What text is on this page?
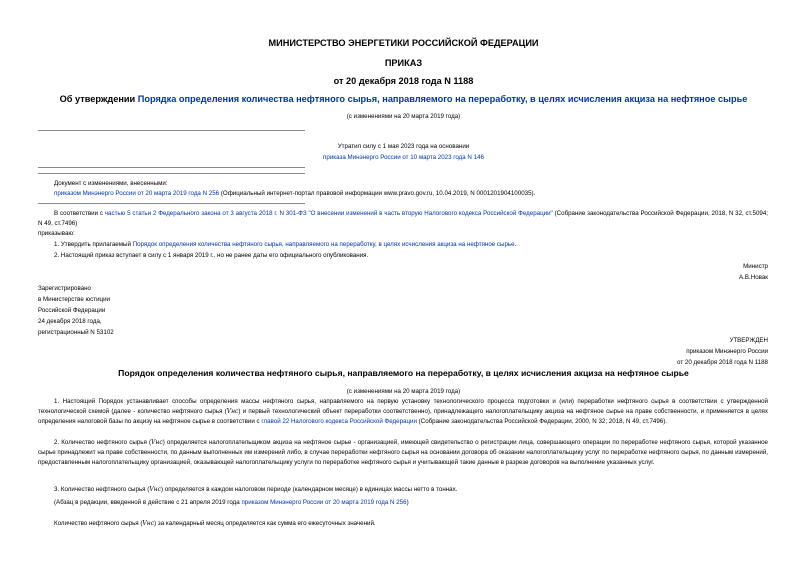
МИНИСТЕРСТВО ЭНЕРГЕТИКИ РОССИЙСКОЙ ФЕДЕРАЦИИ
ПРИКАЗ
от 20 декабря 2018 года N 1188
Об утверждении Порядка определения количества нефтяного сырья, направляемого на переработку, в целях исчисления акциза на нефтяное сырье
(с изменениями на 20 марта 2019 года)
Утратил силу с 1 мая 2023 года на основании
приказа Минэнерго России от 10 марта 2023 года N 146
Документ с изменениями, внесенными:
приказом Минэнерго России от 20 марта 2019 года N 256 (Официальный интернет-портал правовой информации www.pravo.gov.ru, 10.04.2019, N 0001201904100035).
В соответствии с частью 5 статьи 2 Федерального закона от 3 августа 2018 г. N 301-ФЗ "О внесении изменений в часть вторую Налогового кодекса Российской Федерации" (Собрание законодательства Российской Федерации, 2018, N 32, ст.5094; N 49, ст.7496)
приказываю:
1. Утвердить прилагаемый Порядок определения количества нефтяного сырья, направляемого на переработку, в целях исчисления акциза на нефтяное сырье.
2. Настоящий приказ вступает в силу с 1 января 2019 г., но не ранее даты его официального опубликования.
Министр
А.В.Новак
Зарегистрировано
в Министерстве юстиции
Российской Федерации
24 декабря 2018 года,
регистрационный N 53102
УТВЕРЖДЕН
приказом Минэнерго России
от 20 декабря 2018 года N 1188
Порядок определения количества нефтяного сырья, направляемого на переработку, в целях исчисления акциза на нефтяное сырье
(с изменениями на 20 марта 2019 года)
1. Настоящий Порядок устанавливает способы определения массы нефтяного сырья, направляемого на первую установку технологического процесса подготовки и (или) переработки нефтяного сырья в соответствии с утвержденной технологической схемой (далее - количество нефтяного сырья (Vнс) и первый технологический объект переработки соответственно), принадлежащего налогоплательщику акциза на нефтяное сырье на праве собственности, и применяется в целях определения налоговой базы по акцизу на нефтяное сырье в соответствии с главой 22 Налогового кодекса Российской Федерации (Собрание законодательства Российской Федерации, 2000, N 32; 2018, N 49, ст.7496).
2. Количество нефтяного сырья (Vнс) определяется налогоплательщиком акциза на нефтяное сырье - организацией, имеющей свидетельство о регистрации лица, совершающего операции по переработке нефтяного сырья, которой указанное сырье принадлежит на праве собственности, по данным выполненных им измерений либо, в случае переработки нефтяного сырья на основании договора об оказании налогоплательщику услуг по переработке нефтяного сырья, по данным измерений, предоставленным налогоплательщику организацией, оказывающей налогоплательщику услуги по переработке нефтяного сырья и учитывающей такие данные в разрезе договоров на выполнение указанных услуг.
3. Количество нефтяного сырья (Vнс) определяется в каждом налоговом периоде (календарном месяце) в единицах массы нетто в тоннах.
(Абзац в редакции, введенной в действие с 21 апреля 2019 года приказом Минэнерго России от 20 марта 2019 года N 256)
Количество нефтяного сырья (Vнс) за календарный месяц определяется как сумма его ежесуточных значений.
